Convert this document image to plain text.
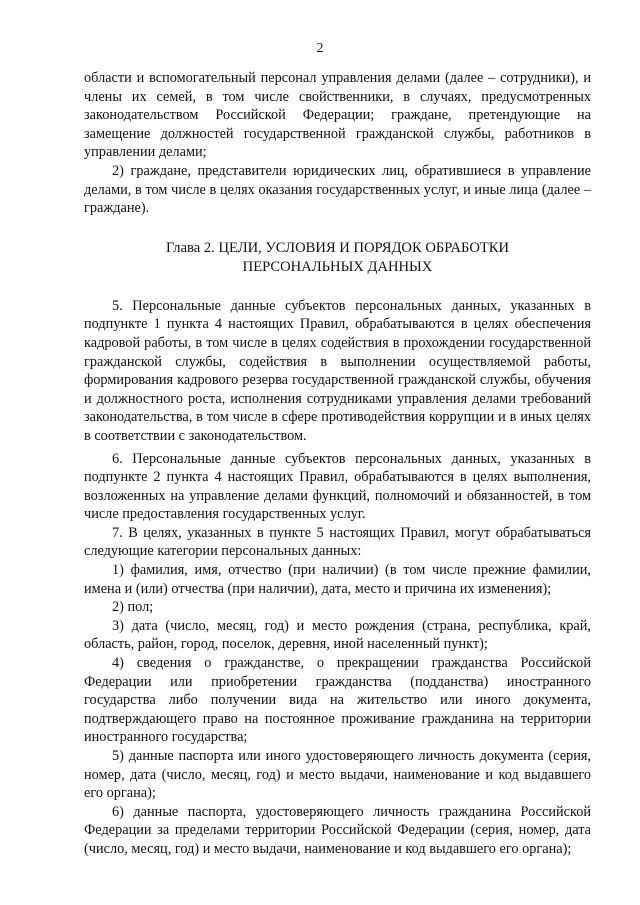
2

области и вспомогательный персонал управления делами (далее – сотрудники), и члены их семей, в том числе свойственники, в случаях, предусмотренных законодательством Российской Федерации; граждане, претендующие на замещение должностей государственной гражданской службы, работников в управлении делами;

2) граждане, представители юридических лиц, обратившиеся в управление делами, в том числе в целях оказания государственных услуг, и иные лица (далее – граждане).

Глава 2. ЦЕЛИ, УСЛОВИЯ И ПОРЯДОК ОБРАБОТКИ
ПЕРСОНАЛЬНЫХ ДАННЫХ

5. Персональные данные субъектов персональных данных, указанных в подпункте 1 пункта 4 настоящих Правил, обрабатываются в целях обеспечения кадровой работы, в том числе в целях содействия в прохождении государственной гражданской службы, содействия в выполнении осуществляемой работы, формирования кадрового резерва государственной гражданской службы, обучения и должностного роста, исполнения сотрудниками управления делами требований законодательства, в том числе в сфере противодействия коррупции и в иных целях в соответствии с законодательством.

6. Персональные данные субъектов персональных данных, указанных в подпункте 2 пункта 4 настоящих Правил, обрабатываются в целях выполнения, возложенных на управление делами функций, полномочий и обязанностей, в том числе предоставления государственных услуг.

7. В целях, указанных в пункте 5 настоящих Правил, могут обрабатываться следующие категории персональных данных:

1) фамилия, имя, отчество (при наличии) (в том числе прежние фамилии, имена и (или) отчества (при наличии), дата, место и причина их изменения);

2) пол;

3) дата (число, месяц, год) и место рождения (страна, республика, край, область, район, город, поселок, деревня, иной населенный пункт);

4) сведения о гражданстве, о прекращении гражданства Российской Федерации или приобретении гражданства (подданства) иностранного государства либо получении вида на жительство или иного документа, подтверждающего право на постоянное проживание гражданина на территории иностранного государства;

5) данные паспорта или иного удостоверяющего личность документа (серия, номер, дата (число, месяц, год) и место выдачи, наименование и код выдавшего его органа);

6) данные паспорта, удостоверяющего личность гражданина Российской Федерации за пределами территории Российской Федерации (серия, номер, дата (число, месяц, год) и место выдачи, наименование и код выдавшего его органа);
